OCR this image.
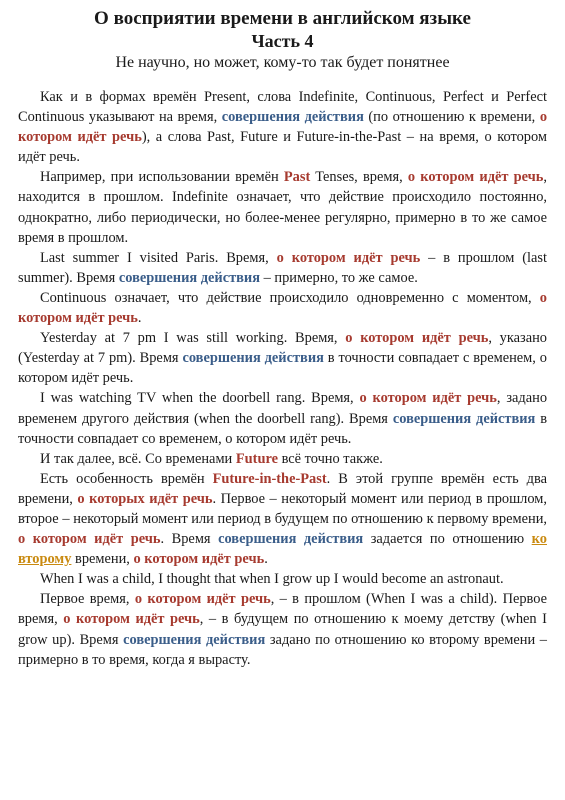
О восприятии времени в английском языке
Часть 4
Не научно, но может, кому-то так будет понятнее

Как и в формах времён Present, слова Indefinite, Continuous, Perfect и Perfect Continuous указывают на время, совершения действия (по отношению к времени, о котором идёт речь), а слова Past, Future и Future-in-the-Past – на время, о котором идёт речь.

Например, при использовании времён Past Tenses, время, о котором идёт речь, находится в прошлом. Indefinite означает, что действие происходило постоянно, однократно, либо периодически, но более-менее регулярно, примерно в то же самое время в прошлом.

Last summer I visited Paris. Время, о котором идёт речь – в прошлом (last summer). Время совершения действия – примерно, то же самое.

Continuous означает, что действие происходило одновременно с моментом, о котором идёт речь.

Yesterday at 7 pm I was still working. Время, о котором идёт речь, указано (Yesterday at 7 pm). Время совершения действия в точности совпадает с временем, о котором идёт речь.

I was watching TV when the doorbell rang. Время, о котором идёт речь, задано временем другого действия (when the doorbell rang). Время совершения действия в точности совпадает со временем, о котором идёт речь.

И так далее, всё. Со временами Future всё точно также.

Есть особенность времён Future-in-the-Past. В этой группе времён есть два времени, о которых идёт речь. Первое – некоторый момент или период в прошлом, второе – некоторый момент или период в будущем по отношению к первому времени, о котором идёт речь. Время совершения действия задается по отношению ко второму времени, о котором идёт речь.

When I was a child, I thought that when I grow up I would become an astronaut.

Первое время, о котором идёт речь, – в прошлом (When I was a child). Первое время, о котором идёт речь, – в будущем по отношению к моему детству (when I grow up). Время совершения действия задано по отношению ко второму времени – примерно в то время, когда я вырасту.
